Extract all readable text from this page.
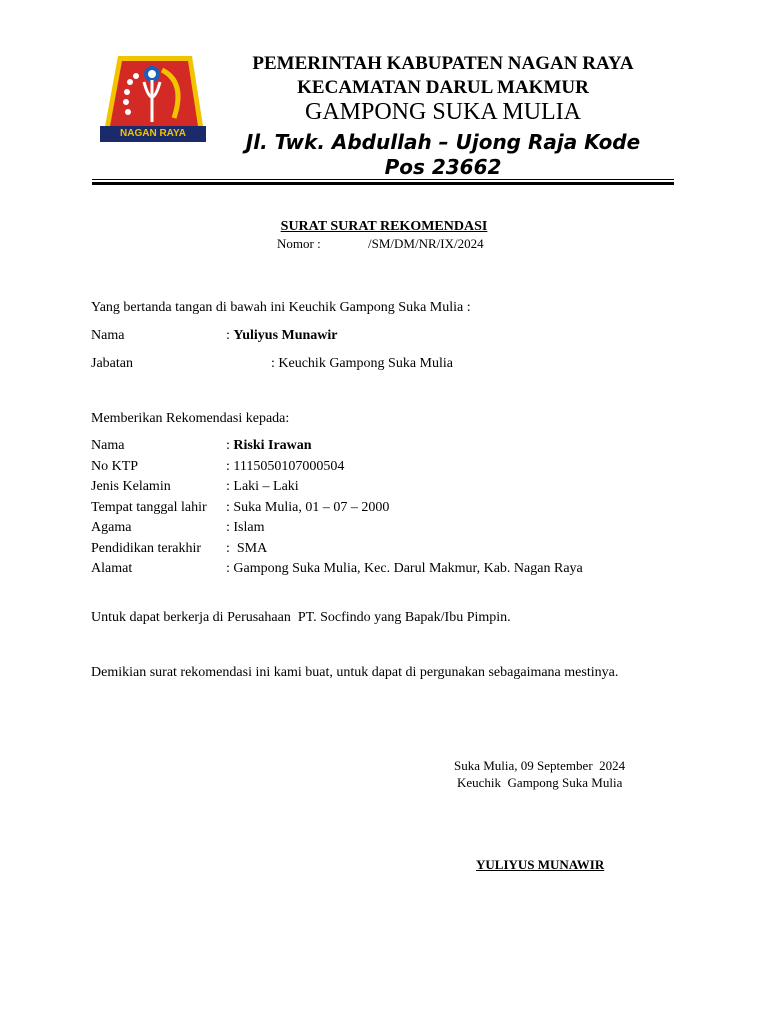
NAGAN RAYA
PEMERINTAH KABUPATEN NAGAN RAYA
KECAMATAN DARUL MAKMUR
GAMPONG SUKA MULIA
Jl. Twk. Abdullah – Ujong Raja Kode
Pos 23662
SURAT SURAT REKOMENDASI
Nomor :	/SM/DM/NR/IX/2024
Yang bertanda tangan di bawah ini Keuchik Gampong Suka Mulia :
Nama	: Yuliyus Munawir
Jabatan	: Keuchik Gampong Suka Mulia
Memberikan Rekomendasi kepada:
Nama	: Riski Irawan
No KTP	: 1115050107000504
Jenis Kelamin	: Laki – Laki
Tempat tanggal lahir : Suka Mulia, 01 – 07 – 2000
Agama	: Islam
Pendidikan terakhir :  SMA
Alamat	: Gampong Suka Mulia, Kec. Darul Makmur, Kab. Nagan Raya
Untuk dapat berkerja di Perusahaan  PT. Socfindo yang Bapak/Ibu Pimpin.
Demikian surat rekomendasi ini kami buat, untuk dapat di pergunakan sebagaimana mestinya.
Suka Mulia, 09 September  2024
Keuchik  Gampong Suka Mulia
YULIYUS MUNAWIR
